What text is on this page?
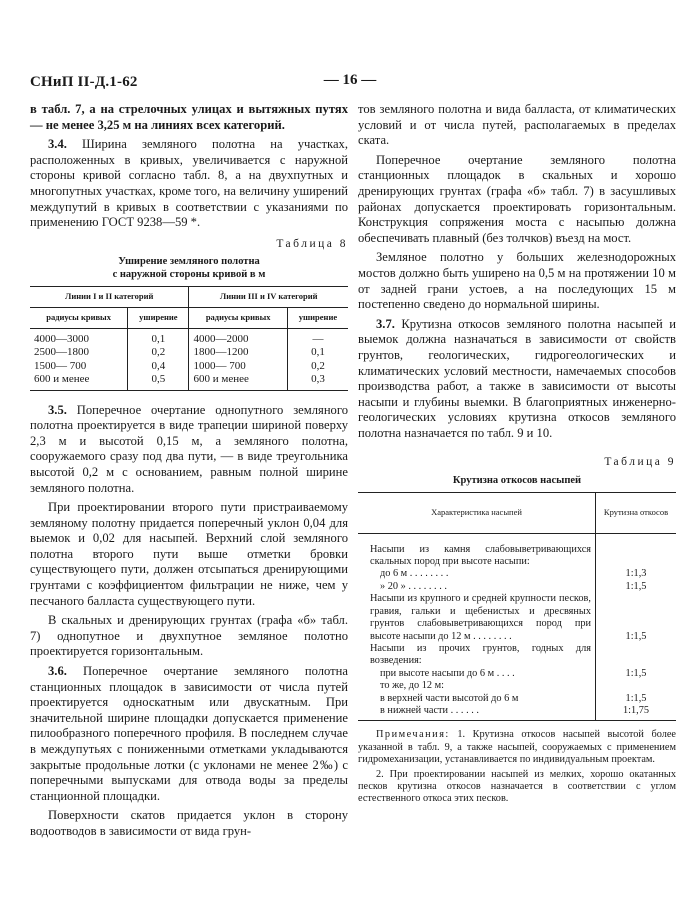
СНиП II-Д.1-62	— 16 —

в табл. 7, а на стрелочных улицах и вытяжных путях — не менее 3,25 м на линиях всех категорий.

3.4. Ширина земляного полотна на участках, расположенных в кривых, увеличивается с наружной стороны кривой согласно табл. 8, а на двухпутных и многопутных участках, кроме того, на величину уширений междупутий в кривых в соответствии с указаниями по применению ГОСТ 9238—59 *.

Таблица 8
Уширение земляного полотна
с наружной стороны кривой в м
Линии I и II категорий		Линии III и IV категорий	
радиусы кривых	уширение	радиусы кривых	уширение
4000—3000	0,1	4000—2000	—
2500—1800	0,2	1800—1200	0,1
1500— 700	0,4	1000— 700	0,2
600 и менее	0,5	600 и менее	0,3

3.5. Поперечное очертание однопутного земляного полотна проектируется в виде трапеции шириной поверху 2,3 м и высотой 0,15 м, а земляного полотна, сооружаемого сразу под два пути, — в виде треугольника высотой 0,2 м с основанием, равным полной ширине земляного полотна.

При проектировании второго пути пристраиваемому земляному полотну придается поперечный уклон 0,04 для выемок и 0,02 для насыпей. Верхний слой земляного полотна второго пути выше отметки бровки существующего пути, должен отсыпаться дренирующими грунтами с коэффициентом фильтрации не ниже, чем у песчаного балласта существующего пути.

В скальных и дренирующих грунтах (графа «б» табл. 7) однопутное и двухпутное земляное полотно проектируется горизонтальным.

3.6. Поперечное очертание земляного полотна станционных площадок в зависимости от числа путей проектируется односкатным или двускатным. При значительной ширине площадки допускается применение пилообразного поперечного профиля. В последнем случае в междупутьях с пониженными отметками укладываются закрытые продольные лотки (с уклонами не менее 2‰) с поперечными выпусками для отвода воды за пределы станционной площадки.

Поверхности скатов придается уклон в сторону водоотводов в зависимости от вида грун-

тов земляного полотна и вида балласта, от климатических условий и от числа путей, располагаемых в пределах ската.

Поперечное очертание земляного полотна станционных площадок в скальных и хорошо дренирующих грунтах (графа «б» табл. 7) в засушливых районах допускается проектировать горизонтальным. Конструкция сопряжения моста с насыпью должна обеспечивать плавный (без толчков) въезд на мост.

Земляное полотно у больших железнодорожных мостов должно быть уширено на 0,5 м на протяжении 10 м от задней грани устоев, а на последующих 15 м постепенно сведено до нормальной ширины.

3.7. Крутизна откосов земляного полотна насыпей и выемок должна назначаться в зависимости от свойств грунтов, геологических, гидрогеологических и климатических условий местности, намечаемых способов производства работ, а также в зависимости от высоты насыпи и глубины выемки. В благоприятных инженерно-геологических условиях крутизна откосов земляного полотна назначается по табл. 9 и 10.

Таблица 9
Крутизна откосов насыпей
Характеристика насыпей	Крутизна откосов
Насыпи из камня слабовыветривающихся скальных пород при высоте насыпи:	
до 6 м . . . . . . . .	1:1,3
» 20 » . . . . . . . .	1:1,5
Насыпи из крупного и средней крупности песков, гравия, гальки и щебенистых и дресвяных грунтов слабовыветривающихся пород при высоте насыпи до 12 м . . . . . . . .	1:1,5
Насыпи из прочих грунтов, годных для возведения:	
при высоте насыпи до 6 м . . . .	1:1,5
то же, до 12 м:	
в верхней части высотой до 6 м	1:1,5
в нижней части . . . . . .	1:1,75

Примечания: 1. Крутизна откосов насыпей высотой более указанной в табл. 9, а также насыпей, сооружаемых с применением гидромеханизации, устанавливается по индивидуальным проектам.

2. При проектировании насыпей из мелких, хорошо окатанных песков крутизна откосов назначается в соответствии с углом естественного откоса этих песков.
